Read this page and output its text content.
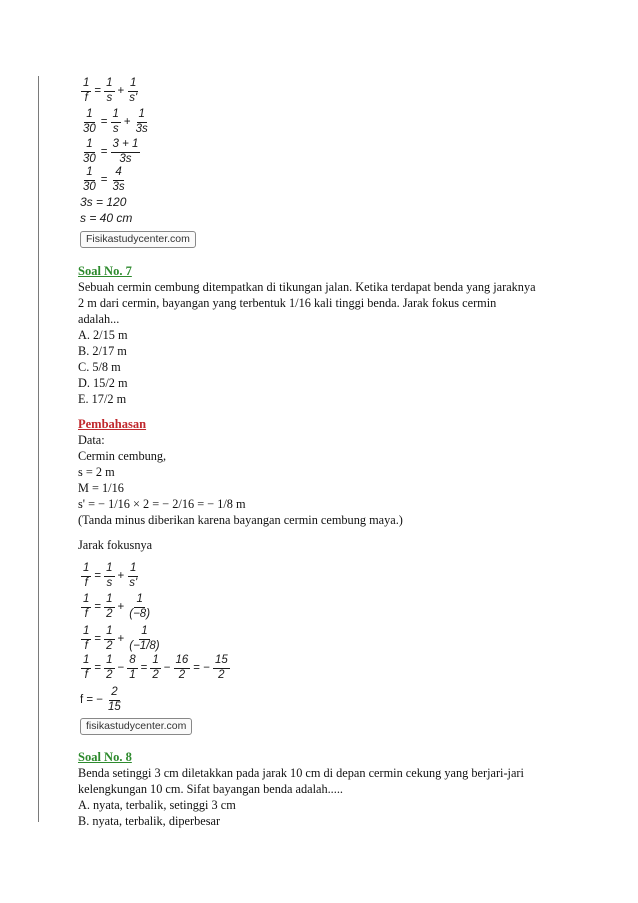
$\frac{1}{f} = \frac{1}{s} + \frac{1}{s'}$
$\frac{1}{30} = \frac{1}{s} + \frac{1}{3s}$
$\frac{1}{30} = \frac{3 + 1}{3s}$
$\frac{1}{30} = \frac{4}{3s}$
3s = 120
s = 40 cm
Fisikastudycenter.com
Soal No. 7
Sebuah cermin cembung ditempatkan di tikungan jalan. Ketika terdapat benda yang jaraknya
2 m dari cermin, bayangan yang terbentuk 1/16 kali tinggi benda. Jarak fokus cermin
adalah...
A. 2/15 m
B. 2/17 m
C. 5/8 m
D. 15/2 m
E. 17/2 m
Pembahasan
Data:
Cermin cembung,
s = 2 m
M = 1/16
s' = − 1/16 × 2 = − 2/16 = − 1/8 m
(Tanda minus diberikan karena bayangan cermin cembung maya.)
Jarak fokusnya
$\frac{1}{f} = \frac{1}{s} + \frac{1}{s'}$
$\frac{1}{f} = \frac{1}{2} + \frac{1}{(-8)}$
$\frac{1}{f} = \frac{1}{2} + \frac{1}{(-1/8)}$
$\frac{1}{f} = \frac{1}{2} - \frac{8}{1} = \frac{1}{2} - \frac{16}{2}$ = − $\frac{15}{2}$
f = − $\frac{2}{15}$
fisikastudycenter.com
Soal No. 8
Benda setinggi 3 cm diletakkan pada jarak 10 cm di depan cermin cekung yang berjari-jari
kelengkungan 10 cm. Sifat bayangan benda adalah.....
A. nyata, terbalik, setinggi 3 cm
B. nyata, terbalik, diperbesar
